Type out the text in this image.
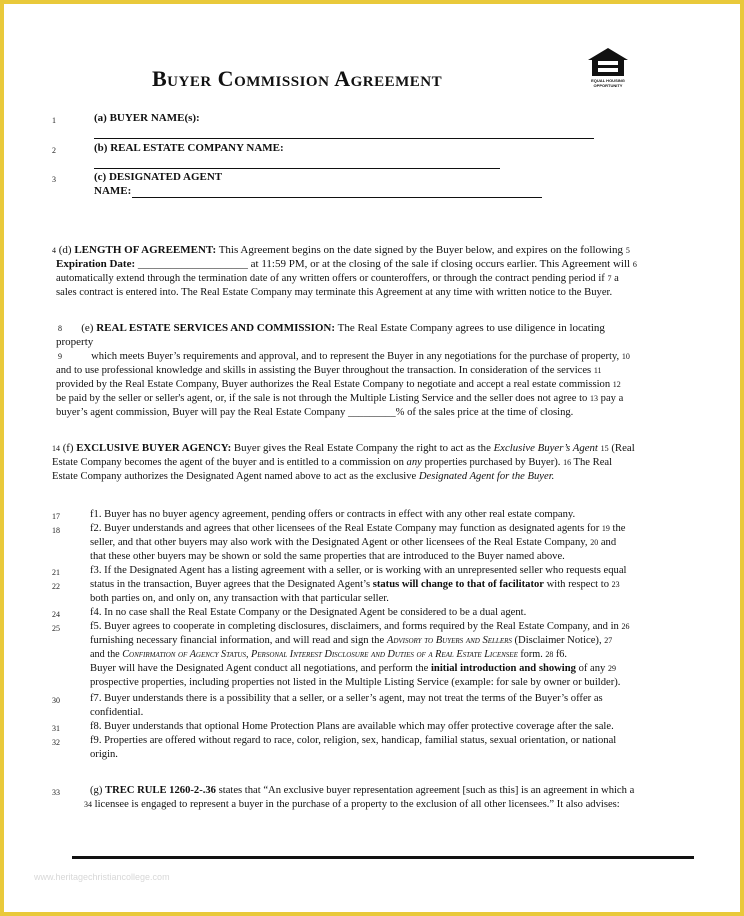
Buyer Commission Agreement	EQUAL HOUSING
OPPORTUNITY
1	(a) BUYER NAME(s):
2	(b) REAL ESTATE COMPANY NAME:
3	(c) DESIGNATED AGENT
NAME:
4 (d) LENGTH OF AGREEMENT: This Agreement begins on the date signed by the Buyer below, and expires on the following 5
Expiration Date: ____________________ at 11:59 PM, or at the closing of the sale if closing occurs earlier. This Agreement will 6
automatically extend through the termination date of any written offers or counteroffers, or through the contract pending period if 7 a
sales contract is entered into. The Real Estate Company may terminate this Agreement at any time with written notice to the Buyer.
8 (e) REAL ESTATE SERVICES AND COMMISSION: The Real Estate Company agrees to use diligence in locating
property
9	which meets Buyer’s requirements and approval, and to represent the Buyer in any negotiations for the purchase of property, 10
and to use professional knowledge and skills in assisting the Buyer throughout the transaction. In consideration of the services 11
provided by the Real Estate Company, Buyer authorizes the Real Estate Company to negotiate and accept a real estate commission 12
be paid by the seller or seller's agent, or, if the sale is not through the Multiple Listing Service and the seller does not agree to 13 pay a
buyer’s agent commission, Buyer will pay the Real Estate Company _________% of the sales price at the time of closing.
14 (f) EXCLUSIVE BUYER AGENCY: Buyer gives the Real Estate Company the right to act as the Exclusive Buyer’s Agent 15 (Real
Estate Company becomes the agent of the buyer and is entitled to a commission on any properties purchased by Buyer). 16 The Real
Estate Company authorizes the Designated Agent named above to act as the exclusive Designated Agent for the Buyer.
17	f1. Buyer has no buyer agency agreement, pending offers or contracts in effect with any other real estate company.
18	f2. Buyer understands and agrees that other licensees of the Real Estate Company may function as designated agents for 19 the
seller, and that other buyers may also work with the Designated Agent or other licensees of the Real Estate Company, 20 and
that these other buyers may be shown or sold the same properties that are introduced to the Buyer named above.
21	f3. If the Designated Agent has a listing agreement with a seller, or is working with an unrepresented seller who requests equal
22	status in the transaction, Buyer agrees that the Designated Agent’s status will change to that of facilitator with respect to 23
both parties on, and only on, any transaction with that particular seller.
24	f4. In no case shall the Real Estate Company or the Designated Agent be considered to be a dual agent.
25	f5. Buyer agrees to cooperate in completing disclosures, disclaimers, and forms required by the Real Estate Company, and in 26
furnishing necessary financial information, and will read and sign the Advisory to Buyers and Sellers (Disclaimer Notice), 27
and the Confirmation of Agency Status, Personal Interest Disclosure and Duties of a Real Estate Licensee form. 28 f6.
Buyer will have the Designated Agent conduct all negotiations, and perform the initial introduction and showing of any 29
prospective properties, including properties not listed in the Multiple Listing Service (example: for sale by owner or builder).
30	f7. Buyer understands there is a possibility that a seller, or a seller’s agent, may not treat the terms of the Buyer’s offer as
confidential.
31	f8. Buyer understands that optional Home Protection Plans are available which may offer protective coverage after the sale.
32	f9. Properties are offered without regard to race, color, religion, sex, handicap, familial status, sexual orientation, or national
origin.
33	(g) TREC RULE 1260-2-.36 states that “An exclusive buyer representation agreement [such as this] is an agreement in which a
34 licensee is engaged to represent a buyer in the purchase of a property to the exclusion of all other licensees.” It also advises:
www.heritagechristiancollege.com
